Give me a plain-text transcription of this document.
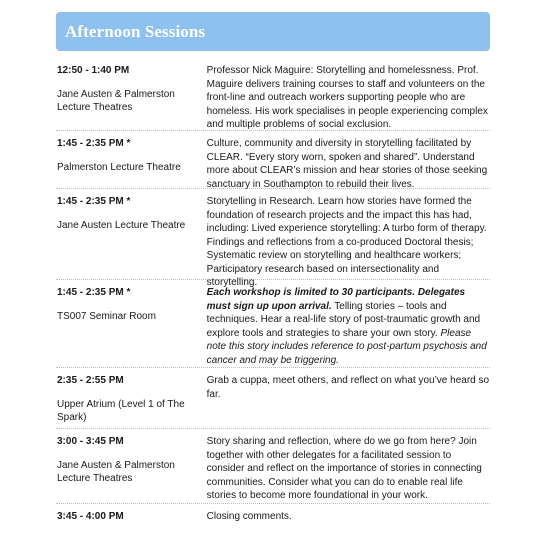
Afternoon Sessions
12:50 - 1:40 PM
Jane Austen & Palmerston Lecture Theatres
Professor Nick Maguire: Storytelling and homelessness. Prof. Maguire delivers training courses to staff and volunteers on the front-line and outreach workers supporting people who are homeless. His work specialises in people experiencing complex and multiple problems of social exclusion.
1:45 - 2:35 PM *
Palmerston Lecture Theatre
Culture, community and diversity in storytelling facilitated by CLEAR. “Every story worn, spoken and shared”. Understand more about CLEAR’s mission and hear stories of those seeking sanctuary in Southampton to rebuild their lives.
1:45 - 2:35 PM *
Jane Austen Lecture Theatre
Storytelling in Research. Learn how stories have formed the foundation of research projects and the impact this has had, including: Lived experience storytelling: A turbo form of therapy. Findings and reflections from a co-produced Doctoral thesis; Systematic review on storytelling and healthcare workers; Participatory research based on intersectionality and storytelling.
1:45 - 2:35 PM *
TS007 Seminar Room
Each workshop is limited to 30 participants. Delegates must sign up upon arrival. Telling stories – tools and techniques. Hear a real-life story of post-traumatic growth and explore tools and strategies to share your own story. Please note this story includes reference to post-partum psychosis and cancer and may be triggering.
2:35 - 2:55 PM
Upper Atrium (Level 1 of The Spark)
Grab a cuppa, meet others, and reflect on what you’ve heard so far.
3:00 - 3:45 PM
Jane Austen & Palmerston Lecture Theatres
Story sharing and reflection, where do we go from here? Join together with other delegates for a facilitated session to consider and reflect on the importance of stories in connecting communities. Consider what you can do to enable real life stories to become more foundational in your work.
3:45 - 4:00 PM	Closing comments.
